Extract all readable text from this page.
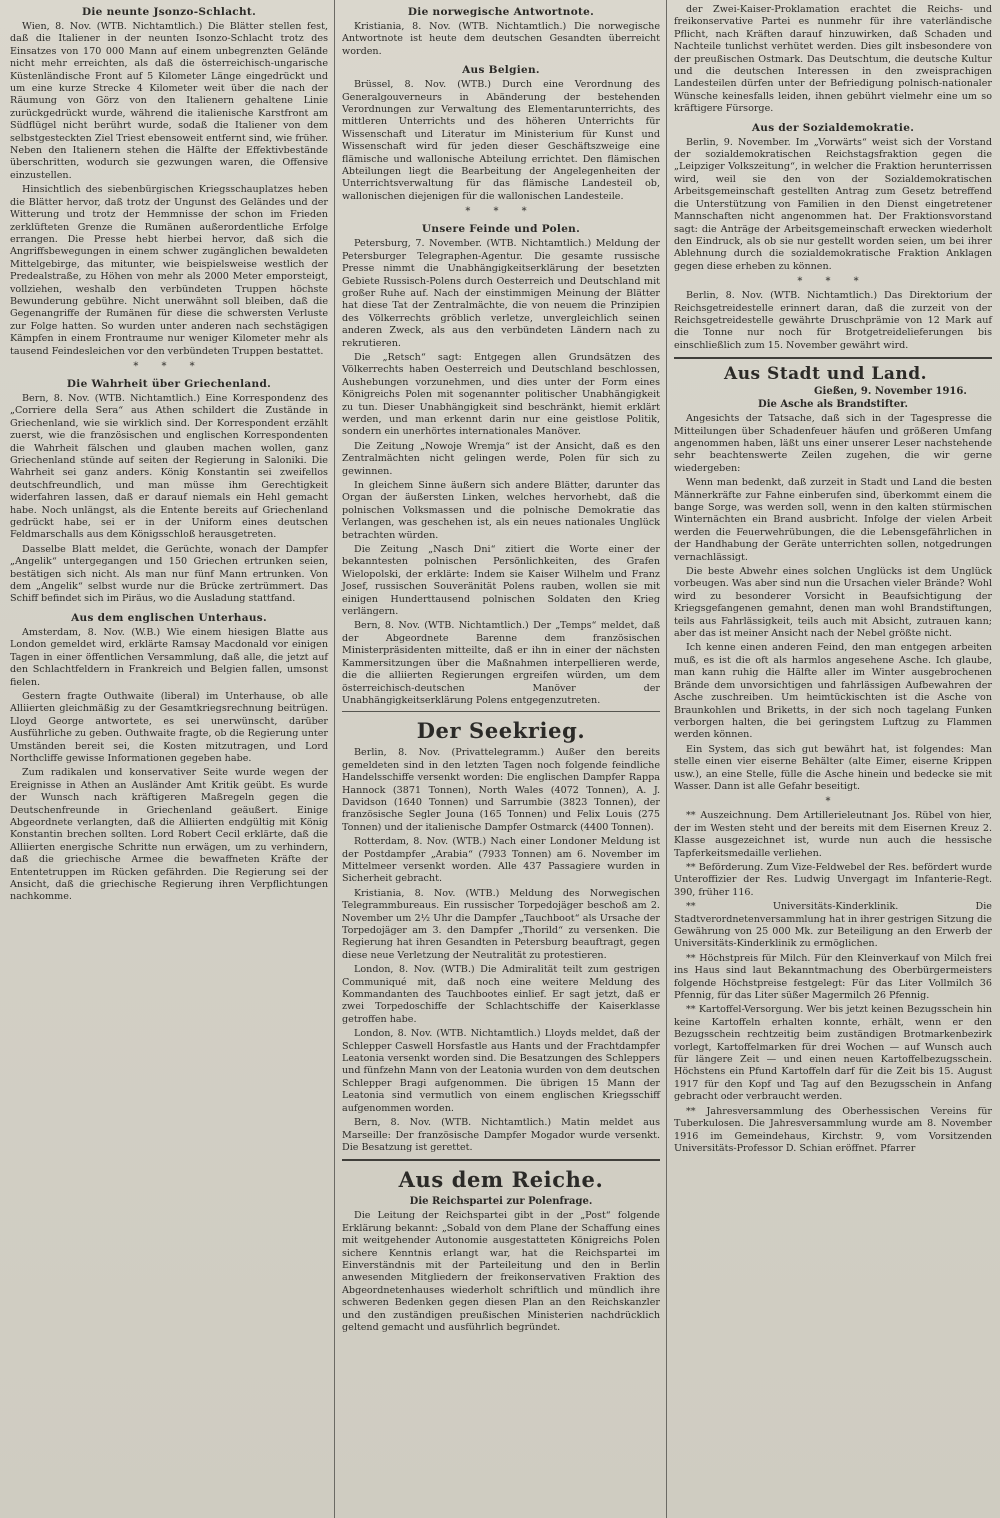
Die neunte Jsonzo-Schlacht.

Wien, 8. Nov. (WTB. Nichtamtlich.) Die Blätter stellen fest, daß die Italiener in der neunten Isonzo-Schlacht trotz des Einsatzes von 170 000 Mann auf einem unbegrenzten Gelände nicht mehr erreichten, als daß die österreichisch-ungarische Küstenländische Front auf 5 Kilometer Länge eingedrückt und um eine kurze Strecke 4 Kilometer weit über die nach der Räumung von Görz von den Italienern gehaltene Linie zurückgedrückt wurde, während die italienische Karstfront am Südflügel nicht berührt wurde, sodaß die Italiener von dem selbstgesteckten Ziel Triest ebensoweit entfernt sind, wie früher. Neben den Italienern stehen die Hälfte der Effektivbestände überschritten, wodurch sie gezwungen waren, die Offensive einzustellen.

Hinsichtlich des siebenbürgischen Kriegsschauplatzes heben die Blätter hervor, daß trotz der Ungunst des Geländes und der Witterung und trotz der Hemmnisse der schon im Frieden zerklüfteten Grenze die Rumänen außerordentliche Erfolge errangen. Die Presse hebt hierbei hervor, daß sich die Angriffsbewegungen in einem schwer zugänglichen bewaldeten Mittelgebirge, das mitunter, wie beispielsweise westlich der Predealstraße, zu Höhen von mehr als 2000 Meter emporsteigt, vollziehen, weshalb den verbündeten Truppen höchste Bewunderung gebühre. Nicht unerwähnt soll bleiben, daß die Gegenangriffe der Rumänen für diese die schwersten Verluste zur Folge hatten. So wurden unter anderen nach sechstägigen Kämpfen in einem Frontraume nur weniger Kilometer mehr als tausend Feindesleichen vor den verbündeten Truppen bestattet.

* * *
Die Wahrheit über Griechenland.

Bern, 8. Nov. (WTB. Nichtamtlich.) Eine Korrespondenz des „Corriere della Sera“ aus Athen schildert die Zustände in Griechenland, wie sie wirklich sind. Der Korrespondent erzählt zuerst, wie die französischen und englischen Korrespondenten die Wahrheit fälschen und glauben machen wollen, ganz Griechenland stünde auf seiten der Regierung in Saloniki. Die Wahrheit sei ganz anders. König Konstantin sei zweifellos deutschfreundlich, und man müsse ihm Gerechtigkeit widerfahren lassen, daß er darauf niemals ein Hehl gemacht habe. Noch unlängst, als die Entente bereits auf Griechenland gedrückt habe, sei er in der Uniform eines deutschen Feldmarschalls aus dem Königsschloß herausgetreten.

Dasselbe Blatt meldet, die Gerüchte, wonach der Dampfer „Angelik“ untergegangen und 150 Griechen ertrunken seien, bestätigen sich nicht. Als man nur fünf Mann ertrunken. Von dem „Angelik“ selbst wurde nur die Brücke zertrümmert. Das Schiff befindet sich im Piräus, wo die Ausladung stattfand.

Aus dem englischen Unterhaus.

Amsterdam, 8. Nov. (W.B.) Wie einem hiesigen Blatte aus London gemeldet wird, erklärte Ramsay Macdonald vor einigen Tagen in einer öffentlichen Versammlung, daß alle, die jetzt auf den Schlachtfeldern in Frankreich und Belgien fallen, umsonst fielen.

Gestern fragte Outhwaite (liberal) im Unterhause, ob alle Alliierten gleichmäßig zu der Gesamtkriegsrechnung beitrügen. Lloyd George antwortete, es sei unerwünscht, darüber Ausführliche zu geben. Outhwaite fragte, ob die Regierung unter Umständen bereit sei, die Kosten mitzutragen, und Lord Northcliffe gewisse Informationen gegeben habe.

Zum radikalen und konservativer Seite wurde wegen der Ereignisse in Athen an Ausländer Amt Kritik geübt. Es wurde der Wunsch nach kräftigeren Maßregeln gegen die Deutschenfreunde in Griechenland geäußert. Einige Abgeordnete verlangten, daß die Alliierten endgültig mit König Konstantin brechen sollten. Lord Robert Cecil erklärte, daß die Alliierten energische Schritte nun erwägen, um zu verhindern, daß die griechische Armee die bewaffneten Kräfte der Ententetruppen im Rücken gefährden. Die Regierung sei der Ansicht, daß die griechische Regierung ihren Verpflichtungen nachkomme.

Die norwegische Antwortnote.

Kristiania, 8. Nov. (WTB. Nichtamtlich.) Die norwegische Antwortnote ist heute dem deutschen Gesandten überreicht worden.

Aus Belgien.

Brüssel, 8. Nov. (WTB.) Durch eine Verordnung des Generalgouverneurs in Abänderung der bestehenden Verordnungen zur Verwaltung des Elementarunterrichts, des mittleren Unterrichts und des höheren Unterrichts für Wissenschaft und Literatur im Ministerium für Kunst und Wissenschaft wird für jeden dieser Geschäftszweige eine flämische und wallonische Abteilung errichtet. Den flämischen Abteilungen liegt die Bearbeitung der Angelegenheiten der Unterrichtsverwaltung für das flämische Landesteil ob, wallonischen diejenigen für die wallonischen Landesteile.

* * *
Unsere Feinde und Polen.

Petersburg, 7. November. (WTB. Nichtamtlich.) Meldung der Petersburger Telegraphen-Agentur. Die gesamte russische Presse nimmt die Unabhängigkeitserklärung der besetzten Gebiete Russisch-Polens durch Oesterreich und Deutschland mit großer Ruhe auf. Nach der einstimmigen Meinung der Blätter hat diese Tat der Zentralmächte, die von neuem die Prinzipien des Völkerrechts gröblich verletze, unvergleichlich seinen anderen Zweck, als aus den verbündeten Ländern nach zu rekrutieren.

Die „Retsch“ sagt: Entgegen allen Grundsätzen des Völkerrechts haben Oesterreich und Deutschland beschlossen, Aushebungen vorzunehmen, und dies unter der Form eines Königreichs Polen mit sogenannter politischer Unabhängigkeit zu tun. Dieser Unabhängigkeit sind beschränkt, hiemit erklärt werden, und man erkennt darin nur eine geistlose Politik, sondern ein unerhörtes internationales Manöver.

Die Zeitung „Nowoje Wremja“ ist der Ansicht, daß es den Zentralmächten nicht gelingen werde, Polen für sich zu gewinnen.

In gleichem Sinne äußern sich andere Blätter, darunter das Organ der äußersten Linken, welches hervorhebt, daß die polnischen Volksmassen und die polnische Demokratie das Verlangen, was geschehen ist, als ein neues nationales Unglück betrachten würden.

Die Zeitung „Nasch Dni“ zitiert die Worte einer der bekanntesten polnischen Persönlichkeiten, des Grafen Wielopolski, der erklärte: Indem sie Kaiser Wilhelm und Franz Josef, russischen Souveränität Polens rauben, wollen sie mit einigen Hunderttausend polnischen Soldaten den Krieg verlängern.

Bern, 8. Nov. (WTB. Nichtamtlich.) Der „Temps“ meldet, daß der Abgeordnete Barenne dem französischen Ministerpräsidenten mitteilte, daß er ihn in einer der nächsten Kammersitzungen über die Maßnahmen interpellieren werde, die die alliierten Regierungen ergreifen würden, um dem österreichisch-deutschen Manöver der Unabhängigkeitserklärung Polens entgegenzutreten.

Der Seekrieg.

Berlin, 8. Nov. (Privattelegramm.) Außer den bereits gemeldeten sind in den letzten Tagen noch folgende feindliche Handelsschiffe versenkt worden: Die englischen Dampfer Rappa Hannock (3871 Tonnen), North Wales (4072 Tonnen), A. J. Davidson (1640 Tonnen) und Sarrumbie (3823 Tonnen), der französische Segler Jouna (165 Tonnen) und Felix Louis (275 Tonnen) und der italienische Dampfer Ostmarck (4400 Tonnen).

Rotterdam, 8. Nov. (WTB.) Nach einer Londoner Meldung ist der Postdampfer „Arabia“ (7933 Tonnen) am 6. November im Mittelmeer versenkt worden. Alle 437 Passagiere wurden in Sicherheit gebracht.

Kristiania, 8. Nov. (WTB.) Meldung des Norwegischen Telegrammbureaus. Ein russischer Torpedojäger beschoß am 2. November um 2½ Uhr die Dampfer „Tauchboot“ als Ursache der Torpedojäger am 3. den Dampfer „Thorild“ zu versenken. Die Regierung hat ihren Gesandten in Petersburg beauftragt, gegen diese neue Verletzung der Neutralität zu protestieren.

London, 8. Nov. (WTB.) Die Admiralität teilt zum gestrigen Communiqué mit, daß noch eine weitere Meldung des Kommandanten des Tauchbootes einlief. Er sagt jetzt, daß er zwei Torpedoschiffe der Schlachtschiffe der Kaiserklasse getroffen habe.

London, 8. Nov. (WTB. Nichtamtlich.) Lloyds meldet, daß der Schlepper Caswell Horsfastle aus Hants und der Frachtdampfer Leatonia versenkt worden sind. Die Besatzungen des Schleppers und fünfzehn Mann von der Leatonia wurden von dem deutschen Schlepper Bragi aufgenommen. Die übrigen 15 Mann der Leatonia sind vermutlich von einem englischen Kriegsschiff aufgenommen worden.

Bern, 8. Nov. (WTB. Nichtamtlich.) Matin meldet aus Marseille: Der französische Dampfer Mogador wurde versenkt. Die Besatzung ist gerettet.

Aus dem Reiche.
Die Reichspartei zur Polenfrage.

Die Leitung der Reichspartei gibt in der „Post“ folgende Erklärung bekannt: „Sobald von dem Plane der Schaffung eines mit weitgehender Autonomie ausgestatteten Königreichs Polen sichere Kenntnis erlangt war, hat die Reichspartei im Einverständnis mit der Parteileitung und den in Berlin anwesenden Mitgliedern der freikonservativen Fraktion des Abgeordnetenhauses wiederholt schriftlich und mündlich ihre schweren Bedenken gegen diesen Plan an den Reichskanzler und den zuständigen preußischen Ministerien nachdrücklich geltend gemacht und ausführlich begründet.

der Zwei-Kaiser-Proklamation erachtet die Reichs- und freikonservative Partei es nunmehr für ihre vaterländische Pflicht, nach Kräften darauf hinzuwirken, daß Schaden und Nachteile tunlichst verhütet werden. Dies gilt insbesondere von der preußischen Ostmark. Das Deutschtum, die deutsche Kultur und die deutschen Interessen in den zweisprachigen Landesteilen dürfen unter der Befriedigung polnisch-nationaler Wünsche keinesfalls leiden, ihnen gebührt vielmehr eine um so kräftigere Fürsorge.

Aus der Sozialdemokratie.

Berlin, 9. November. Im „Vorwärts“ weist sich der Vorstand der sozialdemokratischen Reichstagsfraktion gegen die „Leipziger Volkszeitung“, in welcher die Fraktion herunterrissen wird, weil sie den von der Sozialdemokratischen Arbeitsgemeinschaft gestellten Antrag zum Gesetz betreffend die Unterstützung von Familien in den Dienst eingetretener Mannschaften nicht angenommen hat. Der Fraktionsvorstand sagt: die Anträge der Arbeitsgemeinschaft erwecken wiederholt den Eindruck, als ob sie nur gestellt worden seien, um bei ihrer Ablehnung durch die sozialdemokratische Fraktion Anklagen gegen diese erheben zu können.

* * *

Berlin, 8. Nov. (WTB. Nichtamtlich.) Das Direktorium der Reichsgetreidestelle erinnert daran, daß die zurzeit von der Reichsgetreidestelle gewährte Druschprämie von 12 Mark auf die Tonne nur noch für Brotgetreidelieferungen bis einschließlich zum 15. November gewährt wird.

Aus Stadt und Land.
Gießen, 9. November 1916.
Die Asche als Brandstifter.

Angesichts der Tatsache, daß sich in der Tagespresse die Mitteilungen über Schadenfeuer häufen und größeren Umfang angenommen haben, läßt uns einer unserer Leser nachstehende sehr beachtenswerte Zeilen zugehen, die wir gerne wiedergeben:

Wenn man bedenkt, daß zurzeit in Stadt und Land die besten Männerkräfte zur Fahne einberufen sind, überkommt einem die bange Sorge, was werden soll, wenn in den kalten stürmischen Winternächten ein Brand ausbricht. Infolge der vielen Arbeit werden die Feuerwehrübungen, die die Lebensgefährlichen in der Handhabung der Geräte unterrichten sollen, notgedrungen vernachlässigt.

Die beste Abwehr eines solchen Unglücks ist dem Unglück vorbeugen. Was aber sind nun die Ursachen vieler Brände? Wohl wird zu besonderer Vorsicht in Beaufsichtigung der Kriegsgefangenen gemahnt, denen man wohl Brandstiftungen, teils aus Fahrlässigkeit, teils auch mit Absicht, zutrauen kann; aber das ist meiner Ansicht nach der Nebel größte nicht.

Ich kenne einen anderen Feind, den man entgegen arbeiten muß, es ist die oft als harmlos angesehene Asche. Ich glaube, man kann ruhig die Hälfte aller im Winter ausgebrochenen Brände dem unvorsichtigen und fahrlässigen Aufbewahren der Asche zuschreiben. Um heimtückischten ist die Asche von Braunkohlen und Briketts, in der sich noch tagelang Funken verborgen halten, die bei geringstem Luftzug zu Flammen werden können.

Ein System, das sich gut bewährt hat, ist folgendes: Man stelle einen vier eiserne Behälter (alte Eimer, eiserne Krippen usw.), an eine Stelle, fülle die Asche hinein und bedecke sie mit Wasser. Dann ist alle Gefahr beseitigt.

*

** Auszeichnung. Dem Artillerieleutnant Jos. Rübel von hier, der im Westen steht und der bereits mit dem Eisernen Kreuz 2. Klasse ausgezeichnet ist, wurde nun auch die hessische Tapferkeitsmedaille verliehen.

** Beförderung. Zum Vize-Feldwebel der Res. befördert wurde Unteroffizier der Res. Ludwig Unvergagt im Infanterie-Regt. 390, früher 116.

** Universitäts-Kinderklinik. Die Stadtverordnetenversammlung hat in ihrer gestrigen Sitzung die Gewährung von 25 000 Mk. zur Beteiligung an den Erwerb der Universitäts-Kinderklinik zu ermöglichen.

** Höchstpreis für Milch. Für den Kleinverkauf von Milch frei ins Haus sind laut Bekanntmachung des Oberbürgermeisters folgende Höchstpreise festgelegt: Für das Liter Vollmilch 36 Pfennig, für das Liter süßer Magermilch 26 Pfennig.

** Kartoffel-Versorgung. Wer bis jetzt keinen Bezugsschein hin keine Kartoffeln erhalten konnte, erhält, wenn er den Bezugsschein rechtzeitig beim zuständigen Brotmarkenbezirk vorlegt, Kartoffelmarken für drei Wochen — auf Wunsch auch für längere Zeit — und einen neuen Kartoffelbezugsschein. Höchstens ein Pfund Kartoffeln darf für die Zeit bis 15. August 1917 für den Kopf und Tag auf den Bezugsschein in Anfang gebracht oder verbraucht werden.

** Jahresversammlung des Oberhessischen Vereins für Tuberkulosen. Die Jahresversammlung wurde am 8. November 1916 im Gemeindehaus, Kirchstr. 9, vom Vorsitzenden Universitäts-Professor D. Schian eröffnet. Pfarrer
